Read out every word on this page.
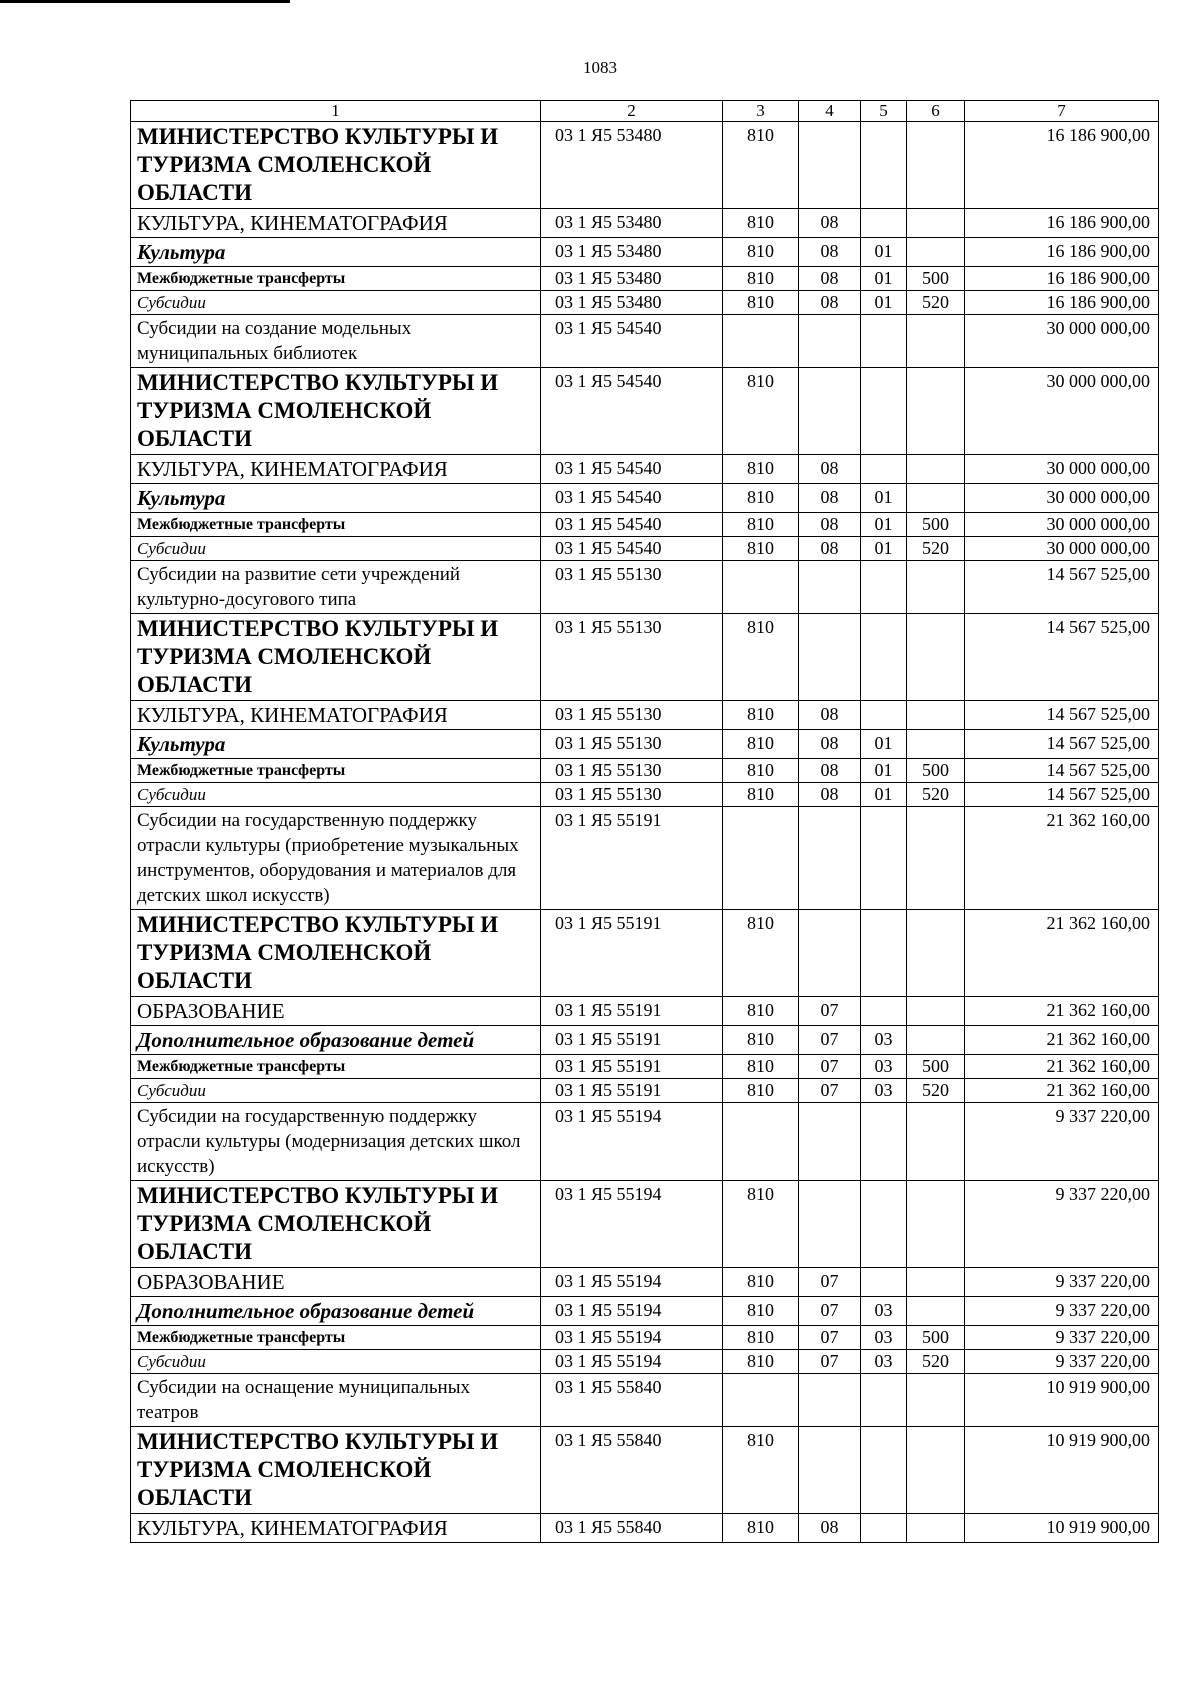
1083
1	2	3	4	5	6	7
МИНИСТЕРСТВО КУЛЬТУРЫ И ТУРИЗМА СМОЛЕНСКОЙ ОБЛАСТИ	03 1 Я5 53480	810				16 186 900,00
КУЛЬТУРА, КИНЕМАТОГРАФИЯ	03 1 Я5 53480	810	08			16 186 900,00
Культура	03 1 Я5 53480	810	08	01		16 186 900,00
Межбюджетные трансферты	03 1 Я5 53480	810	08	01	500	16 186 900,00
Субсидии	03 1 Я5 53480	810	08	01	520	16 186 900,00
Субсидии на создание модельных муниципальных библиотек	03 1 Я5 54540					30 000 000,00
МИНИСТЕРСТВО КУЛЬТУРЫ И ТУРИЗМА СМОЛЕНСКОЙ ОБЛАСТИ	03 1 Я5 54540	810				30 000 000,00
КУЛЬТУРА, КИНЕМАТОГРАФИЯ	03 1 Я5 54540	810	08			30 000 000,00
Культура	03 1 Я5 54540	810	08	01		30 000 000,00
Межбюджетные трансферты	03 1 Я5 54540	810	08	01	500	30 000 000,00
Субсидии	03 1 Я5 54540	810	08	01	520	30 000 000,00
Субсидии на развитие сети учреждений культурно-досугового типа	03 1 Я5 55130					14 567 525,00
МИНИСТЕРСТВО КУЛЬТУРЫ И ТУРИЗМА СМОЛЕНСКОЙ ОБЛАСТИ	03 1 Я5 55130	810				14 567 525,00
КУЛЬТУРА, КИНЕМАТОГРАФИЯ	03 1 Я5 55130	810	08			14 567 525,00
Культура	03 1 Я5 55130	810	08	01		14 567 525,00
Межбюджетные трансферты	03 1 Я5 55130	810	08	01	500	14 567 525,00
Субсидии	03 1 Я5 55130	810	08	01	520	14 567 525,00
Субсидии на государственную поддержку отрасли культуры (приобретение музыкальных инструментов, оборудования и материалов для детских школ искусств)	03 1 Я5 55191					21 362 160,00
МИНИСТЕРСТВО КУЛЬТУРЫ И ТУРИЗМА СМОЛЕНСКОЙ ОБЛАСТИ	03 1 Я5 55191	810				21 362 160,00
ОБРАЗОВАНИЕ	03 1 Я5 55191	810	07			21 362 160,00
Дополнительное образование детей	03 1 Я5 55191	810	07	03		21 362 160,00
Межбюджетные трансферты	03 1 Я5 55191	810	07	03	500	21 362 160,00
Субсидии	03 1 Я5 55191	810	07	03	520	21 362 160,00
Субсидии на государственную поддержку отрасли культуры (модернизация детских школ искусств)	03 1 Я5 55194					9 337 220,00
МИНИСТЕРСТВО КУЛЬТУРЫ И ТУРИЗМА СМОЛЕНСКОЙ ОБЛАСТИ	03 1 Я5 55194	810				9 337 220,00
ОБРАЗОВАНИЕ	03 1 Я5 55194	810	07			9 337 220,00
Дополнительное образование детей	03 1 Я5 55194	810	07	03		9 337 220,00
Межбюджетные трансферты	03 1 Я5 55194	810	07	03	500	9 337 220,00
Субсидии	03 1 Я5 55194	810	07	03	520	9 337 220,00
Субсидии на оснащение муниципальных театров	03 1 Я5 55840					10 919 900,00
МИНИСТЕРСТВО КУЛЬТУРЫ И ТУРИЗМА СМОЛЕНСКОЙ ОБЛАСТИ	03 1 Я5 55840	810				10 919 900,00
КУЛЬТУРА, КИНЕМАТОГРАФИЯ	03 1 Я5 55840	810	08			10 919 900,00
